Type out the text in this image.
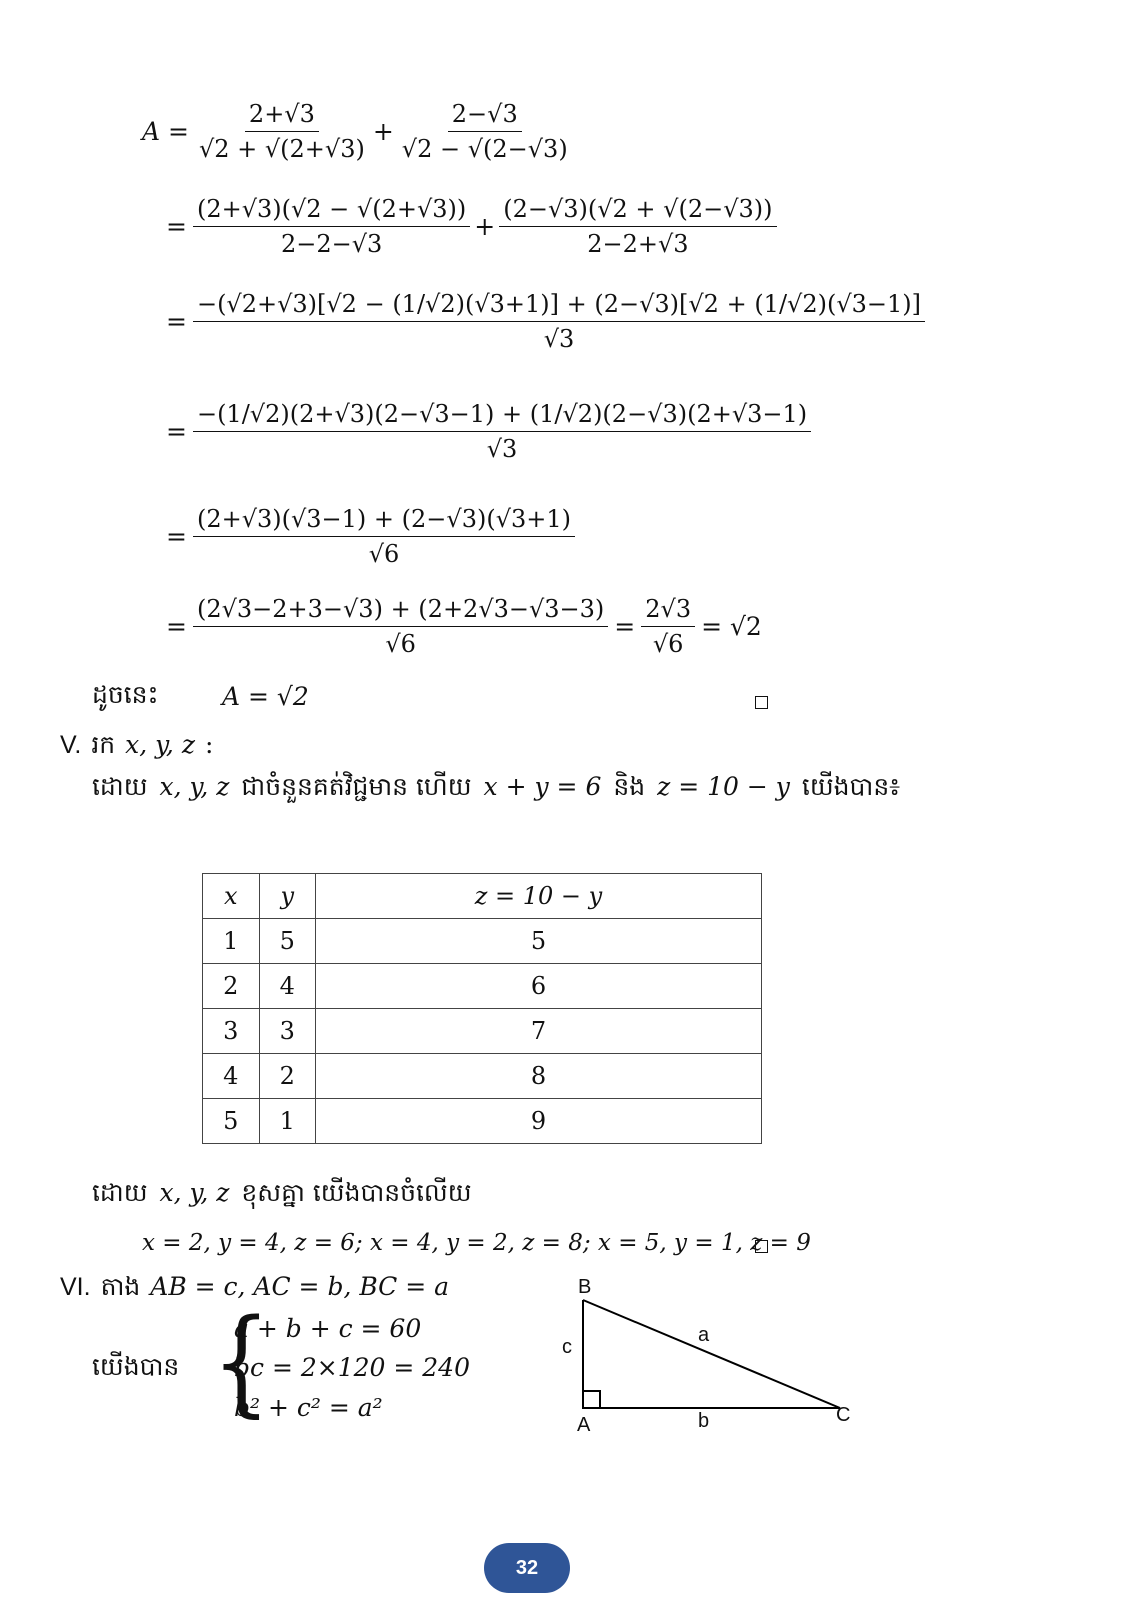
$A = \frac{2+√3}{√2 + √(2+√3)} + \frac{2-√3}{√2 - √(2-√3)}$
= $\frac{(2+√3)(√2 - √(2+√3))}{2-2-√3} + \frac{(2-√3)(√2 + √(2-√3))}{2-2+√3}$
= $\frac{-(√2+√3)[√2 - (1/√2)(√3+1)] + (2-√3)[√2 + (1/√2)(√3-1)]}{√3}$
= $\frac{-(1/√2)(2+√3)(2-√3-1) + (1/√2)(2-√3)(2+√3-1)}{√3}$
= $\frac{(2+√3)(√3-1) + (2-√3)(√3+1)}{√6}$
= $\frac{(2√3-2+3-√3) + (2+2√3-√3-3)}{√6} = \frac{2√3}{√6} = √2$
ដូចនេះ	A = √2
V. រក x, y, z :
ដោយ x, y, z ជាចំនួនគត់វិជ្ជមាន ហើយ x + y = 6 និង z = 10 − y យើងបាន៖
x	y	z = 10 − y
1	5	5
2	4	6
3	3	7
4	2	8
5	1	9
ដោយ x, y, z ខុសគ្នា យើងបានចំលើយ
x = 2, y = 4, z = 6; x = 4, y = 2, z = 8; x = 5, y = 1, z = 9
VI. តាង AB = c, AC = b, BC = a
យើងបាន {
a + b + c = 60
bc = 2×120 = 240
b² + c² = a²
B
A	C
a
b
c
32
